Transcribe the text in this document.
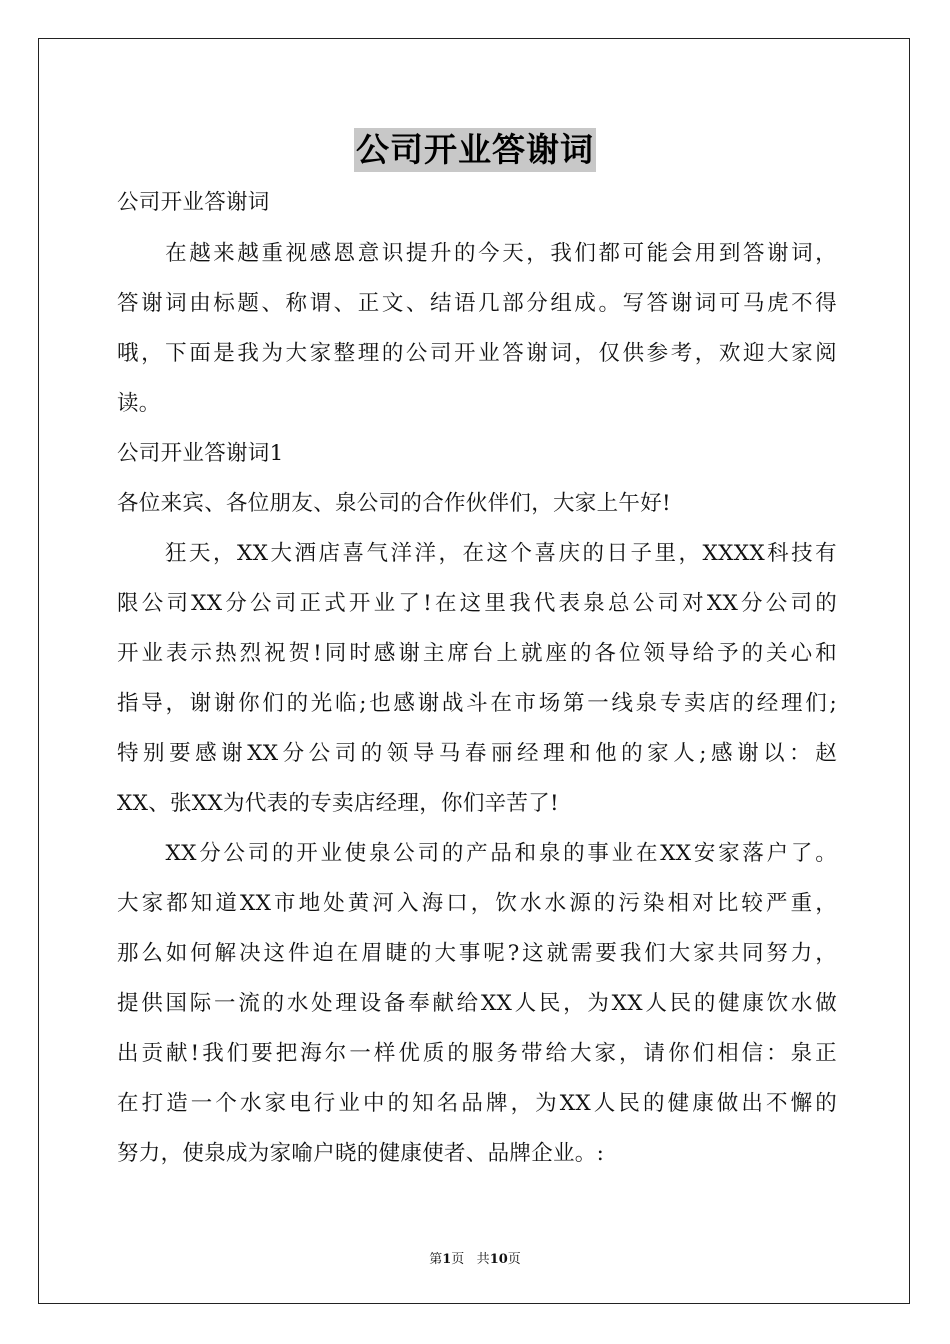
公司开业答谢词
公司开业答谢词
　　在越来越重视感恩意识提升的今天，我们都可能会用到答谢词，
答谢词由标题、称谓、正文、结语几部分组成。写答谢词可马虎不得
哦，下面是我为大家整理的公司开业答谢词，仅供参考，欢迎大家阅
读。
公司开业答谢词1
各位来宾、各位朋友、泉公司的合作伙伴们，大家上午好!
　　狂天，XX大酒店喜气洋洋，在这个喜庆的日子里，XXXX科技有
限公司XX分公司正式开业了!在这里我代表泉总公司对XX分公司的
开业表示热烈祝贺!同时感谢主席台上就座的各位领导给予的关心和
指导，谢谢你们的光临;也感谢战斗在市场第一线泉专卖店的经理们;
特别要感谢XX分公司的领导马春丽经理和他的家人;感谢以：赵
XX、张XX为代表的专卖店经理，你们辛苦了!
　　XX分公司的开业使泉公司的产品和泉的事业在XX安家落户了。
大家都知道XX市地处黄河入海口，饮水水源的污染相对比较严重，
那么如何解决这件迫在眉睫的大事呢?这就需要我们大家共同努力，
提供国际一流的水处理设备奉献给XX人民，为XX人民的健康饮水做
出贡献!我们要把海尔一样优质的服务带给大家，请你们相信：泉正
在打造一个水家电行业中的知名品牌，为XX人民的健康做出不懈的
努力，使泉成为家喻户晓的健康使者、品牌企业。:
第1页 共10页
